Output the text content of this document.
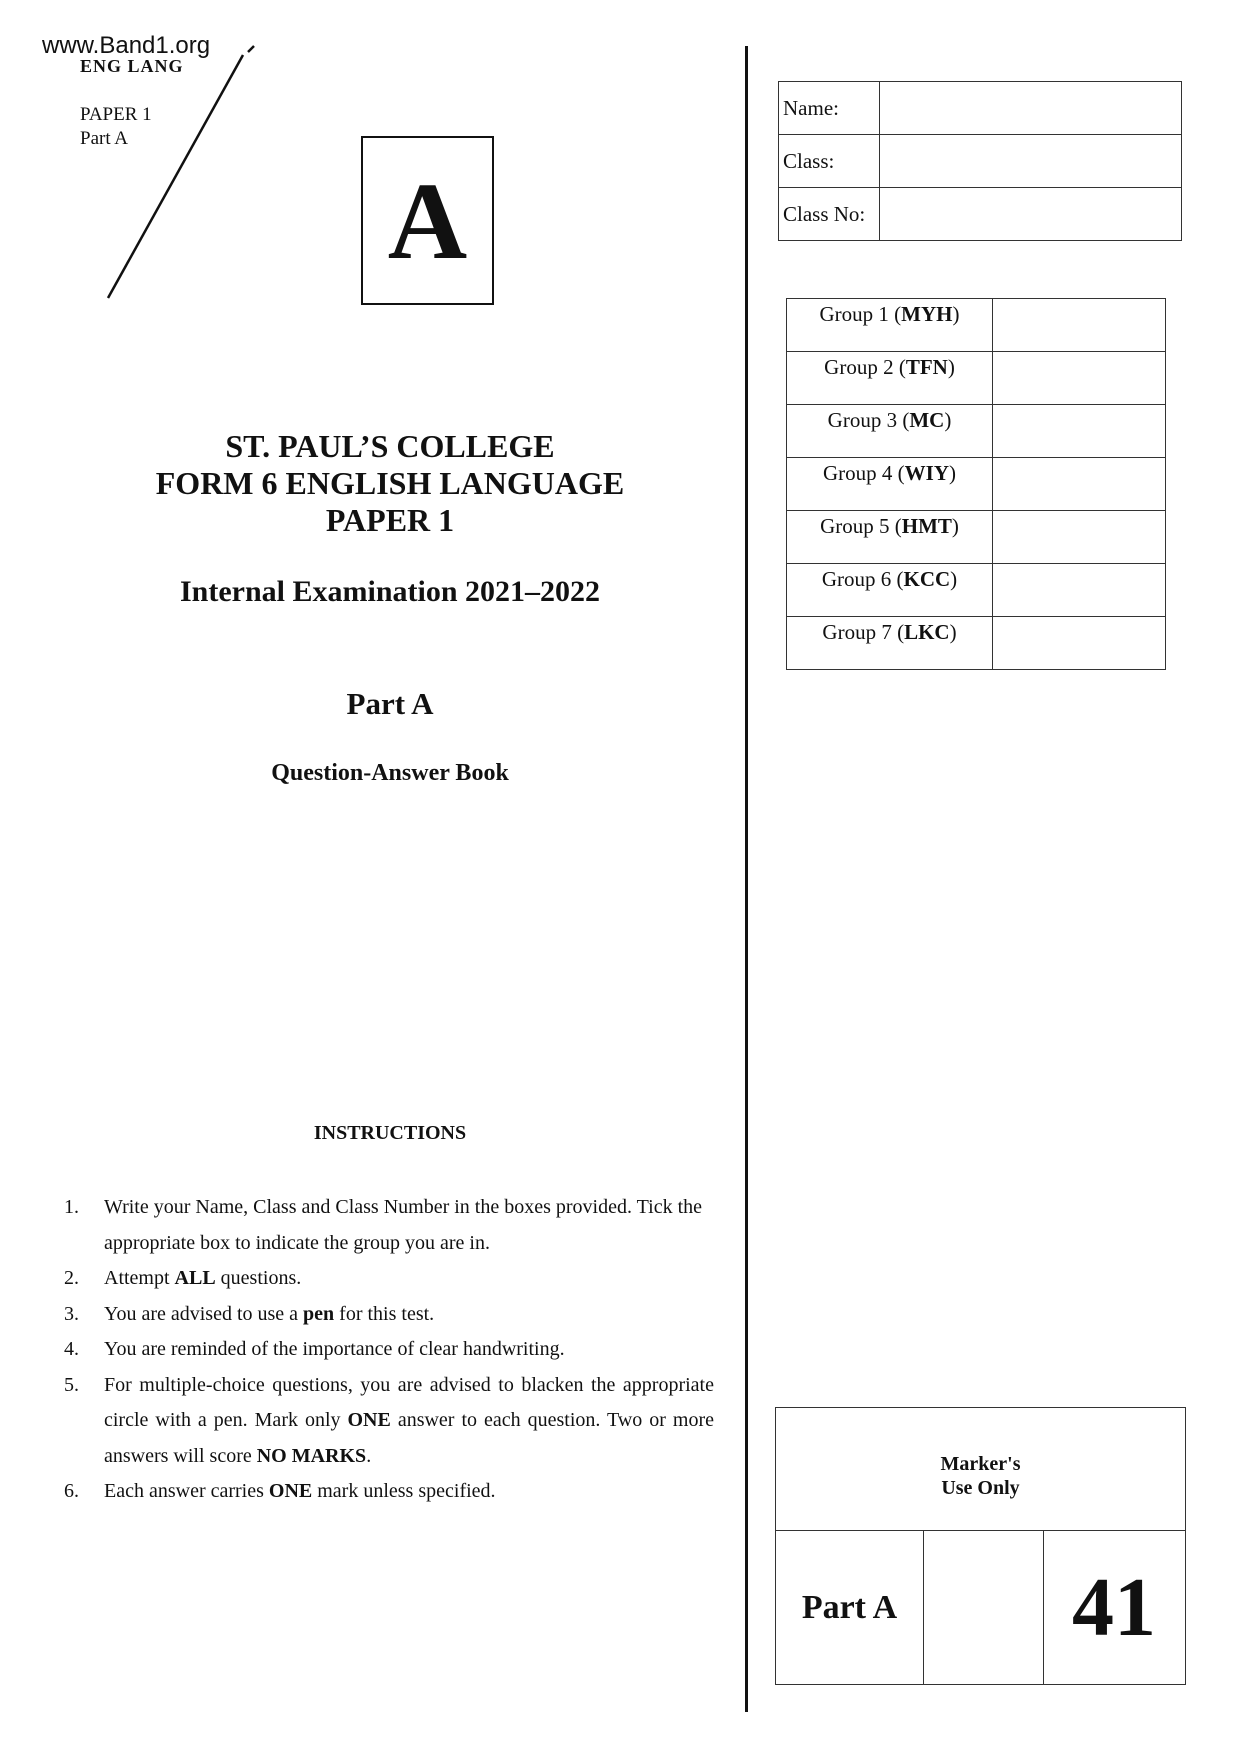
www.Band1.org
ENG LANG
PAPER 1
Part A
A
ST. PAUL’S COLLEGE
FORM 6 ENGLISH LANGUAGE
PAPER 1
Internal Examination 2021–2022
Part A
Question-Answer Book
INSTRUCTIONS
1.	Write your Name, Class and Class Number in the boxes provided. Tick the appropriate box to indicate the group you are in.
2.	Attempt ALL questions.
3.	You are advised to use a pen for this test.
4.	You are reminded of the importance of clear handwriting.
5.	For multiple-choice questions, you are advised to blacken the appropriate circle with a pen. Mark only ONE answer to each question. Two or more answers will score NO MARKS.
6.	Each answer carries ONE mark unless specified.
Name:	
Class:	
Class No:	
Group 1 (MYH)	
Group 2 (TFN)	
Group 3 (MC)	
Group 4 (WIY)	
Group 5 (HMT)	
Group 6 (KCC)	
Group 7 (LKC)	
Marker's
Use Only
Part A	41
